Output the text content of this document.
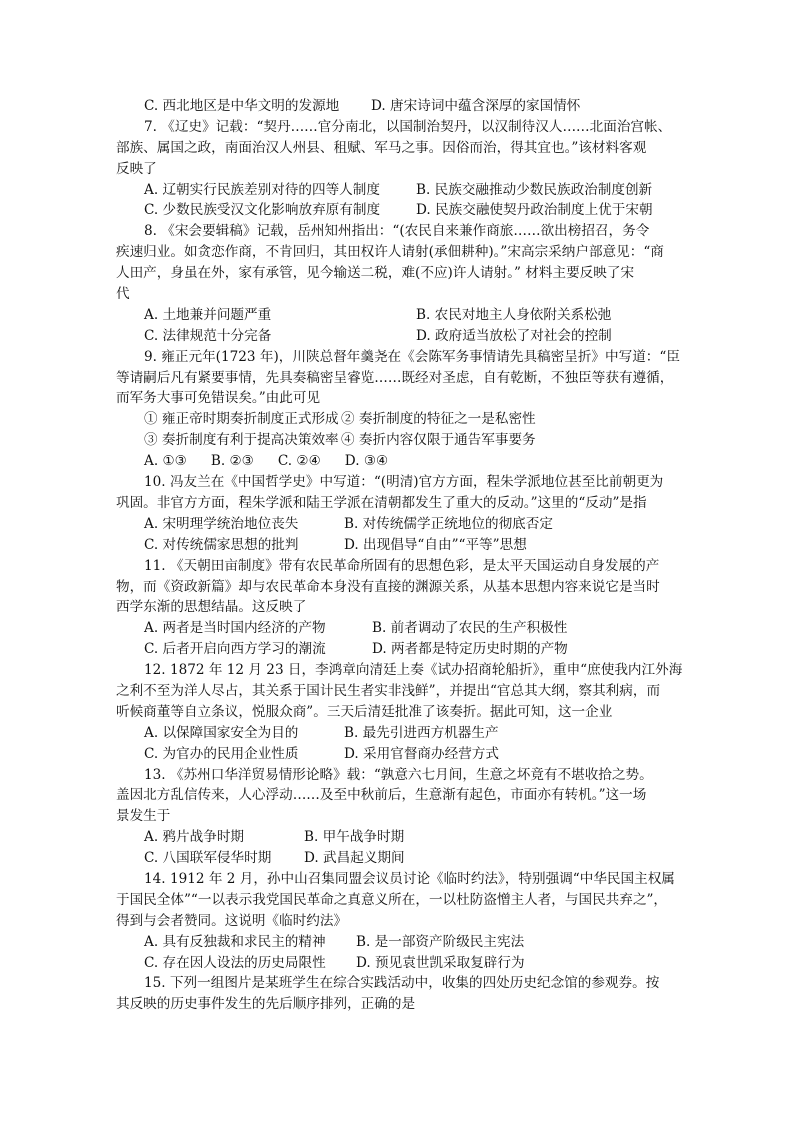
C. 西北地区是中华文明的发源地	D. 唐宋诗词中蕴含深厚的家国情怀
7. 《辽史》记载：“契丹……官分南北，以国制治契丹，以汉制待汉人……北面治宫帐、
部族、属国之政，南面治汉人州县、租赋、军马之事。因俗而治，得其宜也。”该材料客观
反映了
A. 辽朝实行民族差别对待的四等人制度	B. 民族交融推动少数民族政治制度创新
C. 少数民族受汉文化影响放弃原有制度	D. 民族交融使契丹政治制度上优于宋朝
8. 《宋会要辑稿》记载，岳州知州指出：“(农民自来兼作商旅……欲出榜招召，务令
疾速归业。如贪恋作商，不肯回归，其田权许人请射(承佃耕种)。”宋高宗采纳户部意见：“商
人田产，身虽在外，家有承管，见今输送二税，难(不应)许人请射。” 材料主要反映了宋
代
A. 土地兼并问题严重	B. 农民对地主人身依附关系松弛
C. 法律规范十分完备	D. 政府适当放松了对社会的控制
9. 雍正元年(1723 年)，川陕总督年羹尧在《会陈军务事情请先具稿密呈折》中写道：“臣
等请嗣后凡有紧要事情，先具奏稿密呈睿览……既经对圣虑，自有乾断，不独臣等获有遵循，
而军务大事可免错误矣。”由此可见
① 雍正帝时期奏折制度正式形成 ② 奏折制度的特征之一是私密性
③ 奏折制度有利于提高决策效率 ④ 奏折内容仅限于通告军事要务
A. ①③ B. ②③ C. ②④ D. ③④
10. 冯友兰在《中国哲学史》中写道：“(明清)官方方面，程朱学派地位甚至比前朝更为
巩固。非官方方面，程朱学派和陆王学派在清朝都发生了重大的反动。”这里的“反动”是指
A. 宋明理学统治地位丧失	B. 对传统儒学正统地位的彻底否定
C. 对传统儒家思想的批判	D. 出现倡导“自由”“平等”思想
11. 《天朝田亩制度》带有农民革命所固有的思想色彩，是太平天国运动自身发展的产
物，而《资政新篇》却与农民革命本身没有直接的渊源关系，从基本思想内容来说它是当时
西学东渐的思想结晶。这反映了
A. 两者是当时国内经济的产物	B. 前者调动了农民的生产积极性
C. 后者开启向西方学习的潮流	D. 两者都是特定历史时期的产物
12. 1872 年 12 月 23 日，李鸿章向清廷上奏《试办招商轮船折》，重申“庶使我内江外海
之利不至为洋人尽占，其关系于国计民生者实非浅鲜”，并提出“官总其大纲，察其利病，而
听候商董等自立条议，悦服众商”。三天后清廷批准了该奏折。据此可知，这一企业
A. 以保障国家安全为目的	B. 最先引进西方机器生产
C. 为官办的民用企业性质	D. 采用官督商办经营方式
13. 《苏州口华洋贸易情形论略》载：“孰意六七月间，生意之坏竟有不堪收拾之势。
盖因北方乱信传来，人心浮动……及至中秋前后，生意渐有起色，市面亦有转机。”这一场
景发生于
A. 鸦片战争时期	B. 甲午战争时期
C. 八国联军侵华时期	D. 武昌起义期间
14. 1912 年 2 月，孙中山召集同盟会议员讨论《临时约法》，特别强调“中华民国主权属
于国民全体”“一以表示我党国民革命之真意义所在，一以杜防盗憎主人者，与国民共弃之”，
得到与会者赞同。这说明《临时约法》
A. 具有反独裁和求民主的精神	B. 是一部资产阶级民主宪法
C. 存在因人设法的历史局限性	D. 预见袁世凯采取复辟行为
15. 下列一组图片是某班学生在综合实践活动中，收集的四处历史纪念馆的参观券。按
其反映的历史事件发生的先后顺序排列，正确的是
